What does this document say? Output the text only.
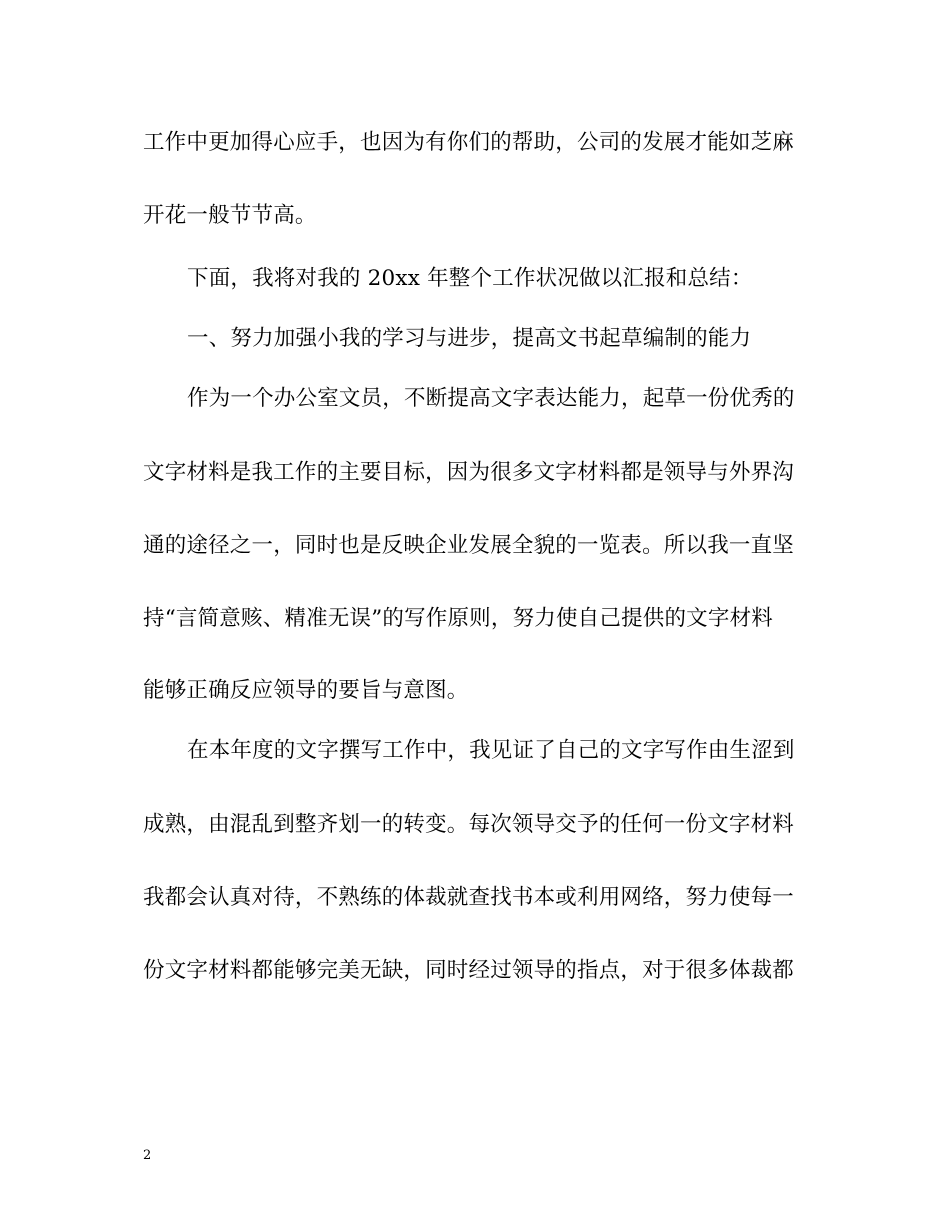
工作中更加得心应手，也因为有你们的帮助，公司的发展才能如芝麻
开花一般节节高。
下面，我将对我的 20xx 年整个工作状况做以汇报和总结：
一、努力加强小我的学习与进步，提高文书起草编制的能力
作为一个办公室文员，不断提高文字表达能力，起草一份优秀的
文字材料是我工作的主要目标，因为很多文字材料都是领导与外界沟
通的途径之一，同时也是反映企业发展全貌的一览表。所以我一直坚
持“言简意赅、精准无误”的写作原则，努力使自己提供的文字材料
能够正确反应领导的要旨与意图。
在本年度的文字撰写工作中，我见证了自己的文字写作由生涩到
成熟，由混乱到整齐划一的转变。每次领导交予的任何一份文字材料
我都会认真对待，不熟练的体裁就查找书本或利用网络，努力使每一
份文字材料都能够完美无缺，同时经过领导的指点，对于很多体裁都
2
